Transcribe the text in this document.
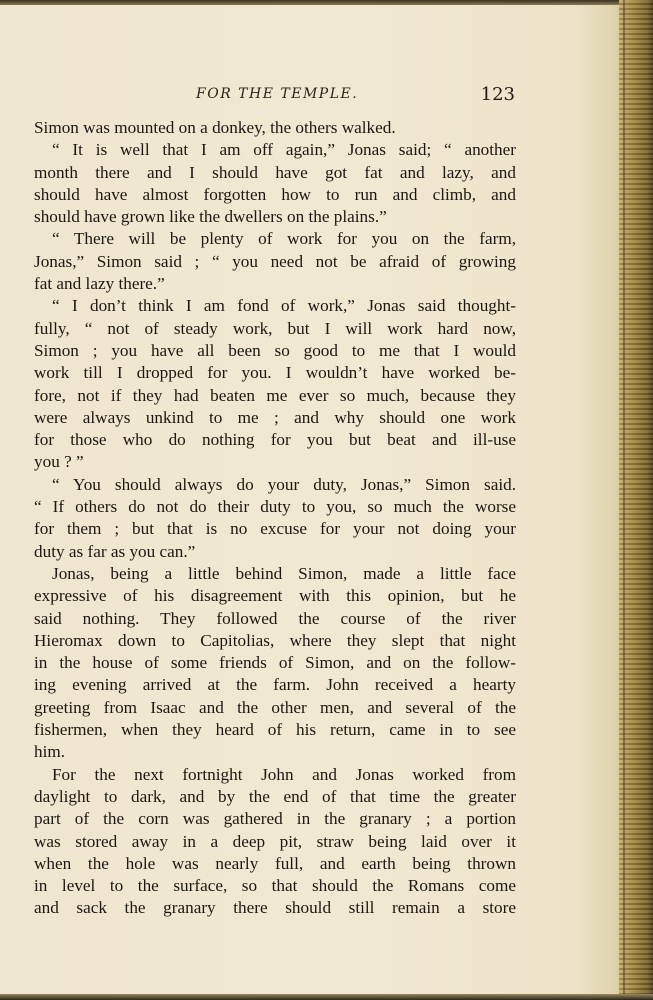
FOR THE TEMPLE.	123

Simon was mounted on a donkey, the others walked.

“ It is well that I am off again,” Jonas said; “ another

month there and I should have got fat and lazy, and

should have almost forgotten how to run and climb, and

should have grown like the dwellers on the plains.”

“ There will be plenty of work for you on the farm,

Jonas,” Simon said ; “ you need not be afraid of growing

fat and lazy there.”

“ I don’t think I am fond of work,” Jonas said thought-

fully, “ not of steady work, but I will work hard now,

Simon ; you have all been so good to me that I would

work till I dropped for you. I wouldn’t have worked be-

fore, not if they had beaten me ever so much, because they

were always unkind to me ; and why should one work

for those who do nothing for you but beat and ill-use

you ? ”

“ You should always do your duty, Jonas,” Simon said.

“ If others do not do their duty to you, so much the worse

for them ; but that is no excuse for your not doing your

duty as far as you can.”

Jonas, being a little behind Simon, made a little face

expressive of his disagreement with this opinion, but he

said nothing. They followed the course of the river

Hieromax down to Capitolias, where they slept that night

in the house of some friends of Simon, and on the follow-

ing evening arrived at the farm. John received a hearty

greeting from Isaac and the other men, and several of the

fishermen, when they heard of his return, came in to see

him.

For the next fortnight John and Jonas worked from

daylight to dark, and by the end of that time the greater

part of the corn was gathered in the granary ; a portion

was stored away in a deep pit, straw being laid over it

when the hole was nearly full, and earth being thrown

in level to the surface, so that should the Romans come

and sack the granary there should still remain a store
